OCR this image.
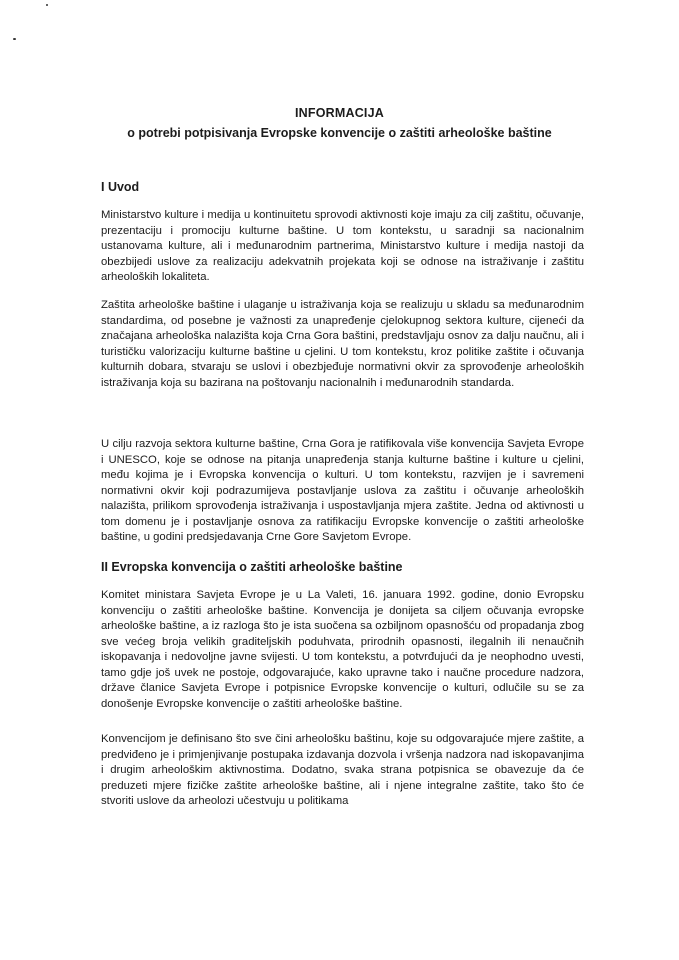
INFORMACIJA
o potrebi potpisivanja Evropske konvencije o zaštiti arheološke baštine
I Uvod

Ministarstvo kulture i medija u kontinuitetu sprovodi aktivnosti koje imaju za cilj zaštitu, očuvanje, prezentaciju i promociju kulturne baštine. U tom kontekstu, u saradnji sa nacionalnim ustanovama kulture, ali i međunarodnim partnerima, Ministarstvo kulture i medija nastoji da obezbijedi uslove za realizaciju adekvatnih projekata koji se odnose na istraživanje i zaštitu arheoloških lokaliteta.

Zaštita arheološke baštine i ulaganje u istraživanja koja se realizuju u skladu sa međunarodnim standardima, od posebne je važnosti za unapređenje cjelokupnog sektora kulture, cijeneći da značajana arheološka nalazišta koja Crna Gora baštini, predstavljaju osnov za dalju naučnu, ali i turističku valorizaciju kulturne baštine u cjelini. U tom kontekstu, kroz politike zaštite i očuvanja kulturnih dobara, stvaraju se uslovi i obezbjeđuje normativni okvir za sprovođenje arheoloških istraživanja koja su bazirana na poštovanju nacionalnih i međunarodnih standarda.

U cilju razvoja sektora kulturne baštine, Crna Gora je ratifikovala više konvencija Savjeta Evrope i UNESCO, koje se odnose na pitanja unapređenja stanja kulturne baštine i kulture u cjelini, među kojima je i Evropska konvencija o kulturi. U tom kontekstu, razvijen je i savremeni normativni okvir koji podrazumijeva postavljanje uslova za zaštitu i očuvanje arheoloških nalazišta, prilikom sprovođenja istraživanja i uspostavljanja mjera zaštite. Jedna od aktivnosti u tom domenu je i postavljanje osnova za ratifikaciju Evropske konvencije o zaštiti arheološke baštine, u godini predsjedavanja Crne Gore Savjetom Evrope.

II Evropska konvencija o zaštiti arheološke baštine

Komitet ministara Savjeta Evrope je u La Valeti, 16. januara 1992. godine, donio Evropsku konvenciju o zaštiti arheološke baštine. Konvencija je donijeta sa ciljem očuvanja evropske arheološke baštine, a iz razloga što je ista suočena sa ozbiljnom opasnošću od propadanja zbog sve većeg broja velikih graditeljskih poduhvata, prirodnih opasnosti, ilegalnih ili nenaučnih iskopavanja i nedovoljne javne svijesti. U tom kontekstu, a potvrđujući da je neophodno uvesti, tamo gdje još uvek ne postoje, odgovarajuće, kako upravne tako i naučne procedure nadzora, države članice Savjeta Evrope i potpisnice Evropske konvencije o kulturi, odlučile su se za donošenje Evropske konvencije o zaštiti arheološke baštine.

Konvencijom je definisano što sve čini arheološku baštinu, koje su odgovarajuće mjere zaštite, a predviđeno je i primjenjivanje postupaka izdavanja dozvola i vršenja nadzora nad iskopavanjima i drugim arheološkim aktivnostima. Dodatno, svaka strana potpisnica se obavezuje da će preduzeti mjere fizičke zaštite arheološke baštine, ali i njene integralne zaštite, tako što će stvoriti uslove da arheolozi učestvuju u politikama
